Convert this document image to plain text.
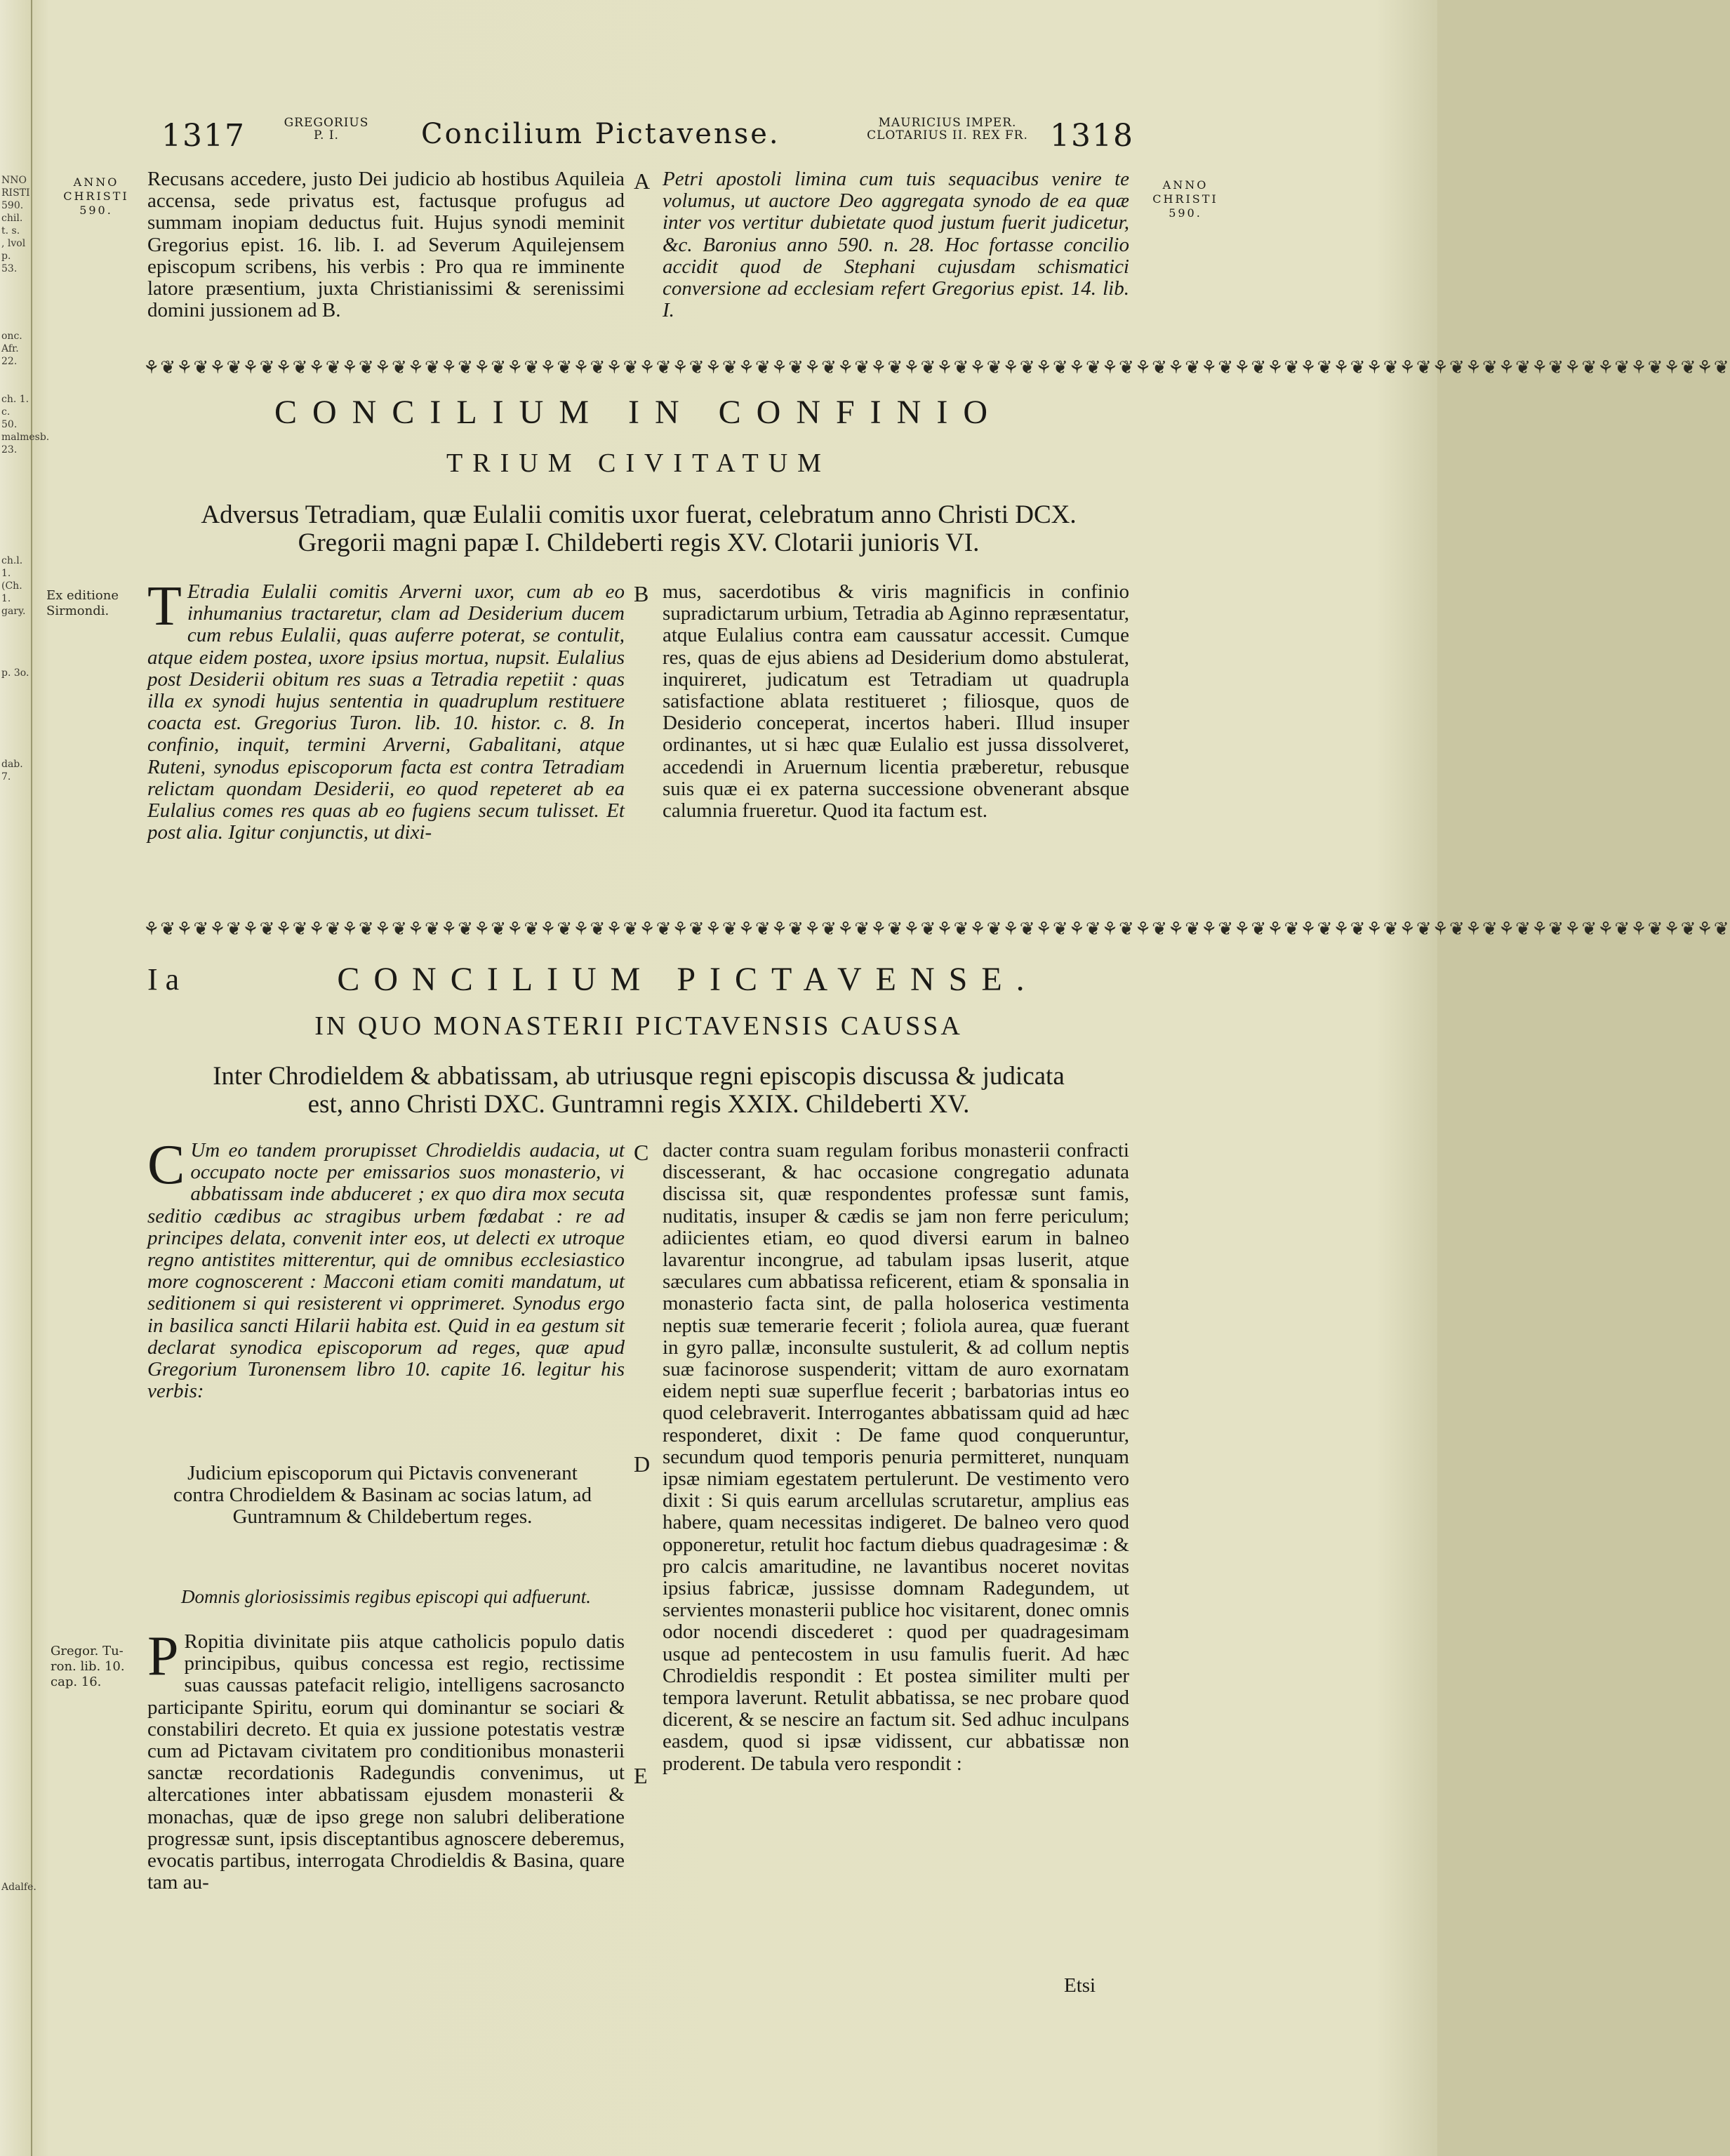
NNO
RISTI
590.
chil. t. s.
, lvol p.
53.
onc. Afr.
22.
ch. 1. c.
50.
malmesb.
23.
ch.l. 1.
(Ch. 1.
gary.
p. 3o.
dab. 7.
Adalfe.
1317	GREGORIUS
P. I.	Concilium Pictavense.	MAURICIUS IMPER.
CLOTARIUS II. REX FR. 1318
ANNO
CHRISTI
590.
ANNO
CHRISTI
590.

Recusans accedere, justo Dei judicio ab hostibus Aquileia accensa, sede privatus est, factusque profugus ad summam inopiam deductus fuit. Hujus synodi meminit Gregorius epist. 16. lib. I. ad Severum Aquilejensem episcopum scribens, his verbis : Pro qua re imminente latore præsentium, juxta Christianissimi & serenissimi domini jussionem ad B.

A Petri apostoli limina cum tuis sequacibus venire te volumus, ut auctore Deo aggregata synodo de ea quæ inter vos vertitur dubietate quod justum fuerit judicetur, &c. Baronius anno 590. n. 28. Hoc fortasse concilio accidit quod de Stephani cujusdam schismatici conversione ad ecclesiam refert Gregorius epist. 14. lib. I.

⚘❦⚘❦⚘❦⚘❦⚘❦⚘❦⚘❦⚘❦⚘❦⚘❦⚘❦⚘❦⚘❦⚘❦⚘❦⚘❦⚘❦⚘❦⚘❦⚘❦⚘❦⚘❦⚘❦⚘❦⚘❦⚘❦⚘❦⚘❦⚘❦⚘❦⚘❦⚘❦⚘❦⚘❦⚘❦⚘❦⚘❦⚘❦⚘❦⚘❦⚘❦⚘❦⚘❦⚘❦⚘❦⚘❦⚘❦⚘❦
CONCILIUM IN CONFINIO
TRIUM CIVITATUM
Adversus Tetradiam, quæ Eulalii comitis uxor fuerat, celebratum anno Christi DCX.
Gregorii magni papæ I. Childeberti regis XV. Clotarii junioris VI.
Ex editione
Sirmondi. T Etradia Eulalii comitis Arverni uxor, cum ab eo inhumanius tractaretur, clam ad Desiderium ducem cum rebus Eulalii, quas auferre poterat, se contulit, atque eidem postea, uxore ipsius mortua, nupsit. Eulalius post Desiderii obitum res suas a Tetradia repetiit : quas illa ex synodi hujus sententia in quadruplum restituere coacta est. Gregorius Turon. lib. 10. histor. c. 8. In confinio, inquit, termini Arverni, Gabalitani, atque Ruteni, synodus episcoporum facta est contra Tetradiam relictam quondam Desiderii, eo quod repeteret ab ea Eulalius comes res quas ab eo fugiens secum tulisset. Et post alia. Igitur conjunctis, ut dixi-

B mus, sacerdotibus & viris magnificis in confinio supradictarum urbium, Tetradia ab Aginno repræsentatur, atque Eulalius contra eam caussatur accessit. Cumque res, quas de ejus abiens ad Desiderium domo abstulerat, inquireret, judicatum est Tetradiam ut quadrupla satisfactione ablata restitueret ; filiosque, quos de Desiderio conceperat, incertos haberi. Illud insuper ordinantes, ut si hæc quæ Eulalio est jussa dissolveret, accedendi in Aruernum licentia præberetur, rebusque suis quæ ei ex paterna successione obvenerant absque calumnia frueretur. Quod ita factum est.

⚘❦⚘❦⚘❦⚘❦⚘❦⚘❦⚘❦⚘❦⚘❦⚘❦⚘❦⚘❦⚘❦⚘❦⚘❦⚘❦⚘❦⚘❦⚘❦⚘❦⚘❦⚘❦⚘❦⚘❦⚘❦⚘❦⚘❦⚘❦⚘❦⚘❦⚘❦⚘❦⚘❦⚘❦⚘❦⚘❦⚘❦⚘❦⚘❦⚘❦⚘❦⚘❦⚘❦⚘❦⚘❦⚘❦⚘❦⚘❦
I a	CONCILIUM PICTAVENSE.
IN QUO MONASTERII PICTAVENSIS CAUSSA
Inter Chrodieldem & abbatissam, ab utriusque regni episcopis discussa & judicata
est, anno Christi DXC. Guntramni regis XXIX. Childeberti XV.
C Um eo tandem prorupisset Chrodieldis audacia, ut occupato nocte per emissarios suos monasterio, vi abbatissam inde abduceret ; ex quo dira mox secuta seditio cædibus ac stragibus urbem fœdabat : re ad principes delata, convenit inter eos, ut delecti ex utroque regno antistites mitterentur, qui de omnibus ecclesiastico more cognoscerent : Macconi etiam comiti mandatum, ut seditionem si qui resisterent vi opprimeret. Synodus ergo in basilica sancti Hilarii habita est. Quid in ea gestum sit declarat synodica episcoporum ad reges, quæ apud Gregorium Turonensem libro 10. capite 16. legitur his verbis:

Judicium episcoporum qui Pictavis convenerant contra Chrodieldem & Basinam ac socias latum, ad Guntramnum & Childebertum reges.

Domnis gloriosissimis regibus episcopi qui adfuerunt.

Gregor. Tu-
ron. lib. 10.
cap. 16. P Ropitia divinitate piis atque catholicis populo datis principibus, quibus concessa est regio, rectissime suas caussas patefacit religio, intelligens sacrosancto participante Spiritu, eorum qui dominantur se sociari & constabiliri decreto. Et quia ex jussione potestatis vestræ cum ad Pictavam civitatem pro conditionibus monasterii sanctæ recordationis Radegundis convenimus, ut altercationes inter abbatissam ejusdem monasterii & monachas, quæ de ipso grege non salubri deliberatione progressæ sunt, ipsis disceptantibus agnoscere deberemus, evocatis partibus, interrogata Chrodieldis & Basina, quare tam au-

C
D
E

dacter contra suam regulam foribus monasterii confracti discesserant, & hac occasione congregatio adunata discissa sit, quæ respondentes professæ sunt famis, nuditatis, insuper & cædis se jam non ferre periculum; adiicientes etiam, eo quod diversi earum in balneo lavarentur incongrue, ad tabulam ipsas luserit, atque sæculares cum abbatissa reficerent, etiam & sponsalia in monasterio facta sint, de palla holoserica vestimenta neptis suæ temerarie fecerit ; foliola aurea, quæ fuerant in gyro pallæ, inconsulte sustulerit, & ad collum neptis suæ facinorose suspenderit; vittam de auro exornatam eidem nepti suæ superflue fecerit ; barbatorias intus eo quod celebraverit. Interrogantes abbatissam quid ad hæc responderet, dixit : De fame quod conqueruntur, secundum quod temporis penuria permitteret, nunquam ipsæ nimiam egestatem pertulerunt. De vestimento vero dixit : Si quis earum arcellulas scrutaretur, amplius eas habere, quam necessitas indigeret. De balneo vero quod opponeretur, retulit hoc factum diebus quadragesimæ : & pro calcis amaritudine, ne lavantibus noceret novitas ipsius fabricæ, jussisse domnam Radegundem, ut servientes monasterii publice hoc visitarent, donec omnis odor nocendi discederet : quod per quadragesimam usque ad pentecostem in usu famulis fuerit. Ad hæc Chrodieldis respondit : Et postea similiter multi per tempora laverunt. Retulit abbatissa, se nec probare quod dicerent, & se nescire an factum sit. Sed adhuc inculpans easdem, quod si ipsæ vidissent, cur abbatissæ non proderent. De tabula vero respondit :

Etsi
